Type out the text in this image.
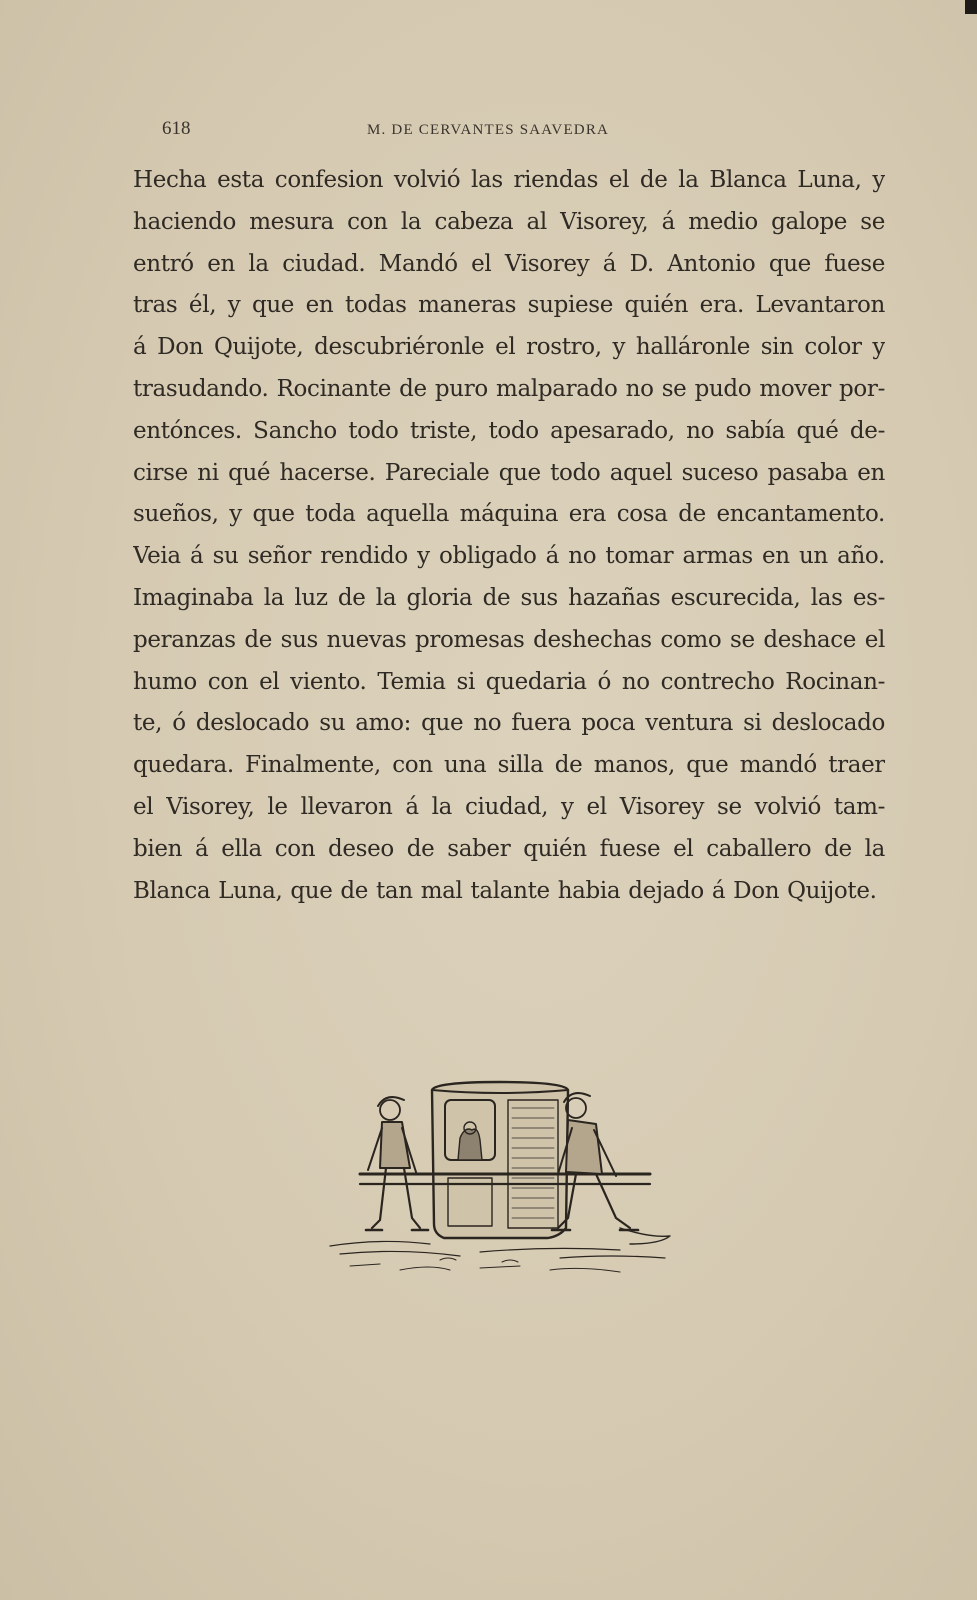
618	M. DE CERVANTES SAAVEDRA
Hecha esta confesion volvió las riendas el de la Blanca Luna, y
haciendo mesura con la cabeza al Visorey, á medio galope se
entró en la ciudad. Mandó el Visorey á D. Antonio que fuese
tras él, y que en todas maneras supiese quién era. Levantaron
á Don Quijote, descubriéronle el rostro, y halláronle sin color y
trasudando. Rocinante de puro malparado no se pudo mover por-
entónces. Sancho todo triste, todo apesarado, no sabía qué de-
cirse ni qué hacerse. Pareciale que todo aquel suceso pasaba en
sueños, y que toda aquella máquina era cosa de encantamento.
Veia á su señor rendido y obligado á no tomar armas en un año.
Imaginaba la luz de la gloria de sus hazañas escurecida, las es-
peranzas de sus nuevas promesas deshechas como se deshace el
humo con el viento. Temia si quedaria ó no contrecho Rocinan-
te, ó deslocado su amo: que no fuera poca ventura si deslocado
quedara. Finalmente, con una silla de manos, que mandó traer
el Visorey, le llevaron á la ciudad, y el Visorey se volvió tam-
bien á ella con deseo de saber quién fuese el caballero de la
Blanca Luna, que de tan mal talante habia dejado á Don Quijote.
